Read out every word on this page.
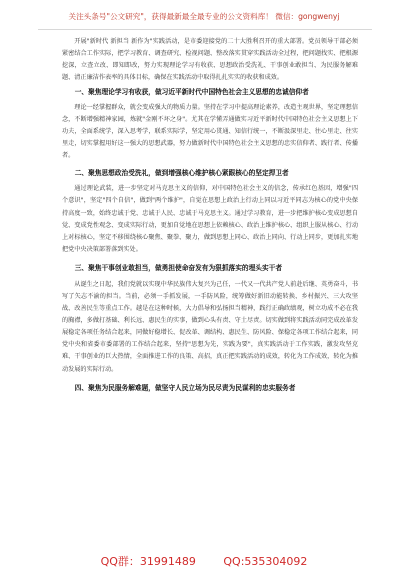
关注头条号"公文研究"，获得最新最全最专业的公文资料库！ 微信：gongwenyj

开展"新时代 新担当 新作为"实践活动，是市委迎接党的二十大胜利召开的重大部署。党员领导干部必须紧密结合工作实际，把学习教育、调查研究、检视问题、整改落实贯穿实践活动全过程，把问题找实、把根源挖深，立查立改、即知即改，努力实现理论学习有收获、思想政治受洗礼、干事创业敢担当、为民服务解难题、清正廉洁作表率的具体目标，确保在实践活动中取得扎扎实实的收获和成效。

一、聚焦理论学习有收获，做习近平新时代中国特色社会主义思想的忠诚信仰者

理论一经掌握群众，就会变成强大的物质力量。坚持在学习中提高理论素养，改造主观世界，坚定理想信念，不断增强精神家园，炼就"金刚不坏之身"。尤其在学懂弄通做实习近平新时代中国特色社会主义思想上下功夫，全面系统学，深入思考学，联系实际学，坚定用心贯通、知信行统一，不断汲深里走、往心里走、往实里走，切实掌握用好这一强大的思想武器，努力做新时代中国特色社会主义思想的忠实信仰者、践行者、传播者。

二、聚焦思想政治受洗礼，做到增强核心维护核心紧跟核心的坚定捍卫者

通过理论武装，进一步坚定对马克思主义的信仰，对中国特色社会主义的信念，传承红色基因，增强"四个意识"，坚定"四个自信"，做到"两个维护"，自觉在思想上政治上行动上同以习近平同志为核心的党中央保持高度一致，始终忠诚于党、忠诚于人民、忠诚于马克思主义。通过学习教育，进一步把维护核心变成思想自觉、变成党性观念、变成实际行动，更加自觉地在思想上依赖核心、政治上维护核心、组织上服从核心、行动上对标核心，坚定不移围绕核心聚焦、聚拳、聚力，做到思想上同心、政治上同向、行动上同步，更加扎实地把党中央决策部署落到实处。

三、聚焦干事创业敢担当，做勇担使命奋发有为狠抓落实的埋头实干者

从诞生之日起，我们党就以实现中华民族伟大复兴为己任，一代又一代共产党人前赴后继、英勇奋斗，书写了矢志不渝的担当。当前，必须一手抓发展，一手防风险，统筹做好新旧动能转换、乡村振兴、三大攻坚战、改善民生等重点工作。越是在这种时候，大力倡导和弘扬担当精神，践行正确政绩观，树立功成不必在我的胸襟，多做打基础、利长远、惠民生的实事，做到心头有责、守土尽责。切实做到将实践活动同完成改革发展稳定各项任务结合起来，同做好稳增长、促改革、调结构、惠民生、防风险、保稳定各项工作结合起来，同党中央和省委市委部署的工作结合起来，坚持"思想为先，实践为要"，真实践活动于工作实践，激发攻坚克难、干事创业的巨大热情，全面推进工作的良策、高招，真正把实践活动的成效，转化为工作成效，转化为推动发展的实际行动。

四、聚焦为民服务解难题，做坚守人民立场为民尽责为民谋利的忠实服务者
QQ群：31991489	QQ:535304092
